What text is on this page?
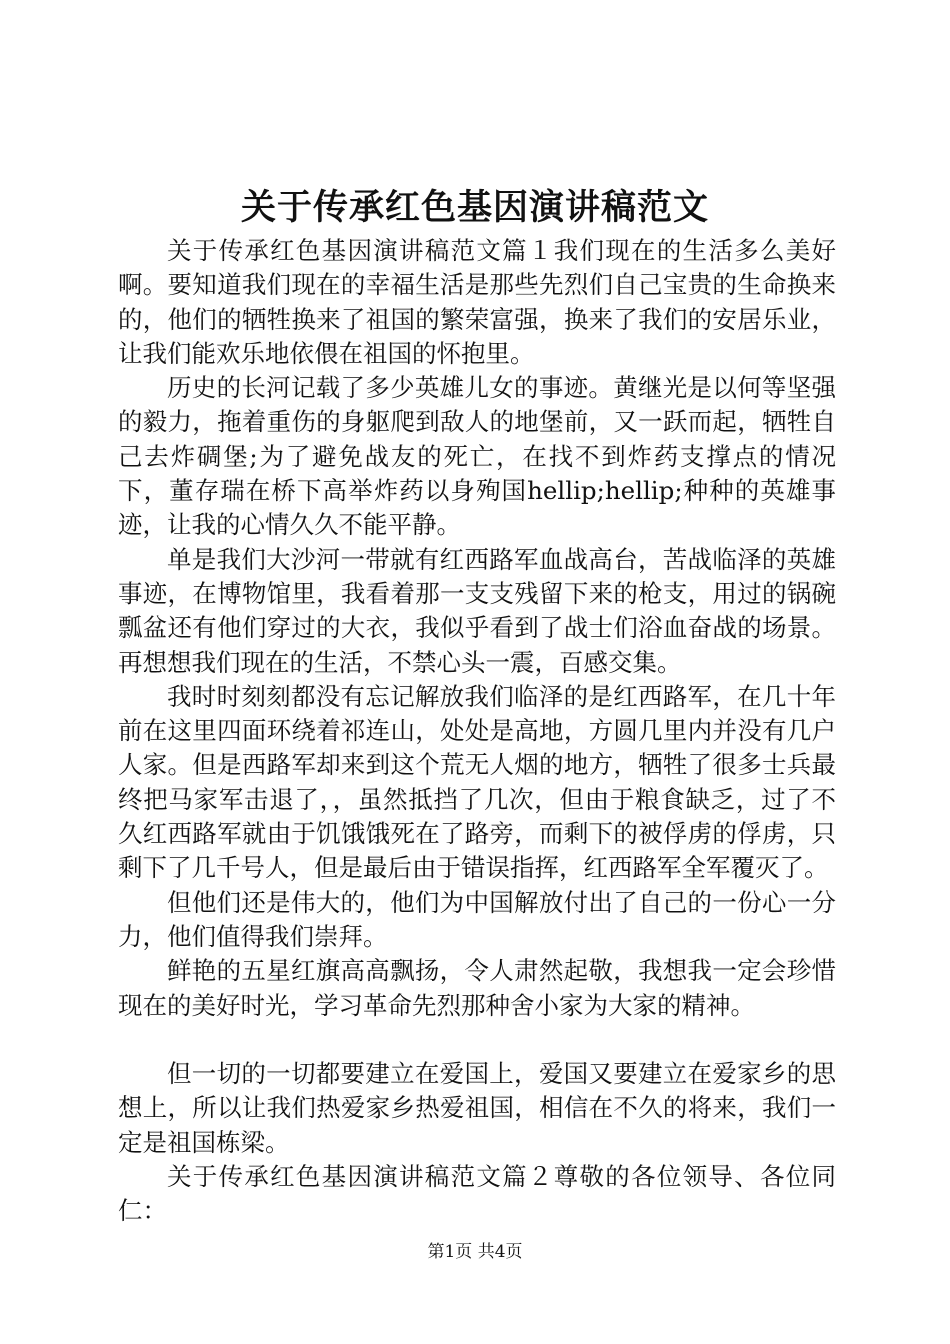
关于传承红色基因演讲稿范文

关于传承红色基因演讲稿范文篇１我们现在的生活多么美好啊。要知道我们现在的幸福生活是那些先烈们自己宝贵的生命换来的，他们的牺牲换来了祖国的繁荣富强，换来了我们的安居乐业，让我们能欢乐地依偎在祖国的怀抱里。

历史的长河记载了多少英雄儿女的事迹。黄继光是以何等坚强的毅力，拖着重伤的身躯爬到敌人的地堡前，又一跃而起，牺牲自己去炸碉堡;为了避免战友的死亡，在找不到炸药支撑点的情况下，董存瑞在桥下高举炸药以身殉国hellip;hellip;种种的英雄事迹，让我的心情久久不能平静。

单是我们大沙河一带就有红西路军血战高台，苦战临泽的英雄事迹，在博物馆里，我看着那一支支残留下来的枪支，用过的锅碗瓢盆还有他们穿过的大衣，我似乎看到了战士们浴血奋战的场景。再想想我们现在的生活，不禁心头一震，百感交集。

我时时刻刻都没有忘记解放我们临泽的是红西路军，在几十年前在这里四面环绕着祁连山，处处是高地，方圆几里内并没有几户人家。但是西路军却来到这个荒无人烟的地方，牺牲了很多士兵最终把马家军击退了，，虽然抵挡了几次，但由于粮食缺乏，过了不久红西路军就由于饥饿饿死在了路旁，而剩下的被俘虏的俘虏，只剩下了几千号人，但是最后由于错误指挥，红西路军全军覆灭了。

但他们还是伟大的，他们为中国解放付出了自己的一份心一分力，他们值得我们崇拜。

鲜艳的五星红旗高高飘扬，令人肃然起敬，我想我一定会珍惜现在的美好时光，学习革命先烈那种舍小家为大家的精神。

但一切的一切都要建立在爱国上，爱国又要建立在爱家乡的思想上，所以让我们热爱家乡热爱祖国，相信在不久的将来，我们一定是祖国栋梁。

关于传承红色基因演讲稿范文篇２尊敬的各位领导、各位同仁：

第1页 共4页
